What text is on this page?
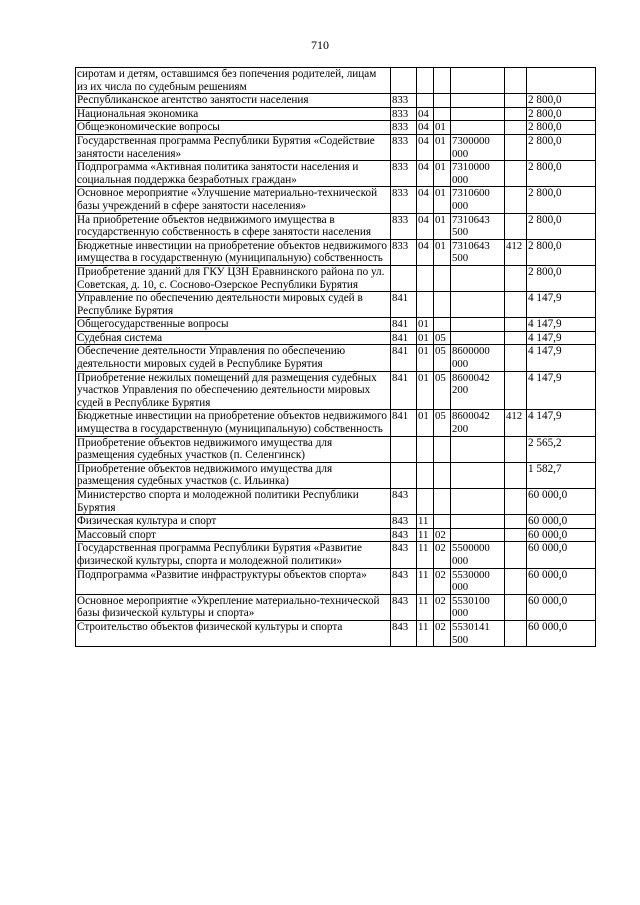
710
сиротам и детям, оставшимся без попечения родителей, лицам из их числа по судебным решениям						
Республиканское агентство занятости населения	833					2 800,0
Национальная экономика	833	04				2 800,0
Общеэкономические вопросы	833	04	01			2 800,0
Государственная программа Республики Бурятия «Содействие занятости населения»	833	04	01	7300000 000		2 800,0
Подпрограмма «Активная политика занятости населения и социальная поддержка безработных граждан»	833	04	01	7310000 000		2 800,0
Основное мероприятие «Улучшение материально-технической базы учреждений в сфере занятости населения»	833	04	01	7310600 000		2 800,0
На приобретение объектов недвижимого имущества в государственную собственность в сфере занятости населения	833	04	01	7310643 500		2 800,0
Бюджетные инвестиции на приобретение объектов недвижимого имущества в государственную (муниципальную) собственность	833	04	01	7310643 500	412	2 800,0
Приобретение зданий для ГКУ ЦЗН Еравнинского района по ул. Советская, д. 10, с. Сосново-Озерское Республики Бурятия						2 800,0
Управление по обеспечению деятельности мировых судей в Республике Бурятия	841					4 147,9
Общегосударственные вопросы	841	01				4 147,9
Судебная система	841	01	05			4 147,9
Обеспечение деятельности Управления по обеспечению деятельности мировых судей в Республике Бурятия	841	01	05	8600000 000		4 147,9
Приобретение нежилых помещений для размещения судебных участков Управления по обеспечению деятельности мировых судей в Республике Бурятия	841	01	05	8600042 200		4 147,9
Бюджетные инвестиции на приобретение объектов недвижимого имущества в государственную (муниципальную) собственность	841	01	05	8600042 200	412	4 147,9
Приобретение объектов недвижимого имущества для размещения судебных участков (п. Селенгинск)						2 565,2
Приобретение объектов недвижимого имущества для размещения судебных участков (с. Ильинка)						1 582,7
Министерство спорта и молодежной политики Республики Бурятия	843					60 000,0
Физическая культура и спорт	843	11				60 000,0
Массовый спорт	843	11	02			60 000,0
Государственная программа Республики Бурятия «Развитие физической культуры, спорта и молодежной политики»	843	11	02	5500000 000		60 000,0
Подпрограмма «Развитие инфраструктуры объектов спорта»	843	11	02	5530000 000		60 000,0
Основное мероприятие «Укрепление материально-технической базы физической культуры и спорта»	843	11	02	5530100 000		60 000,0
Строительство объектов физической культуры и спорта	843	11	02	5530141 500		60 000,0
